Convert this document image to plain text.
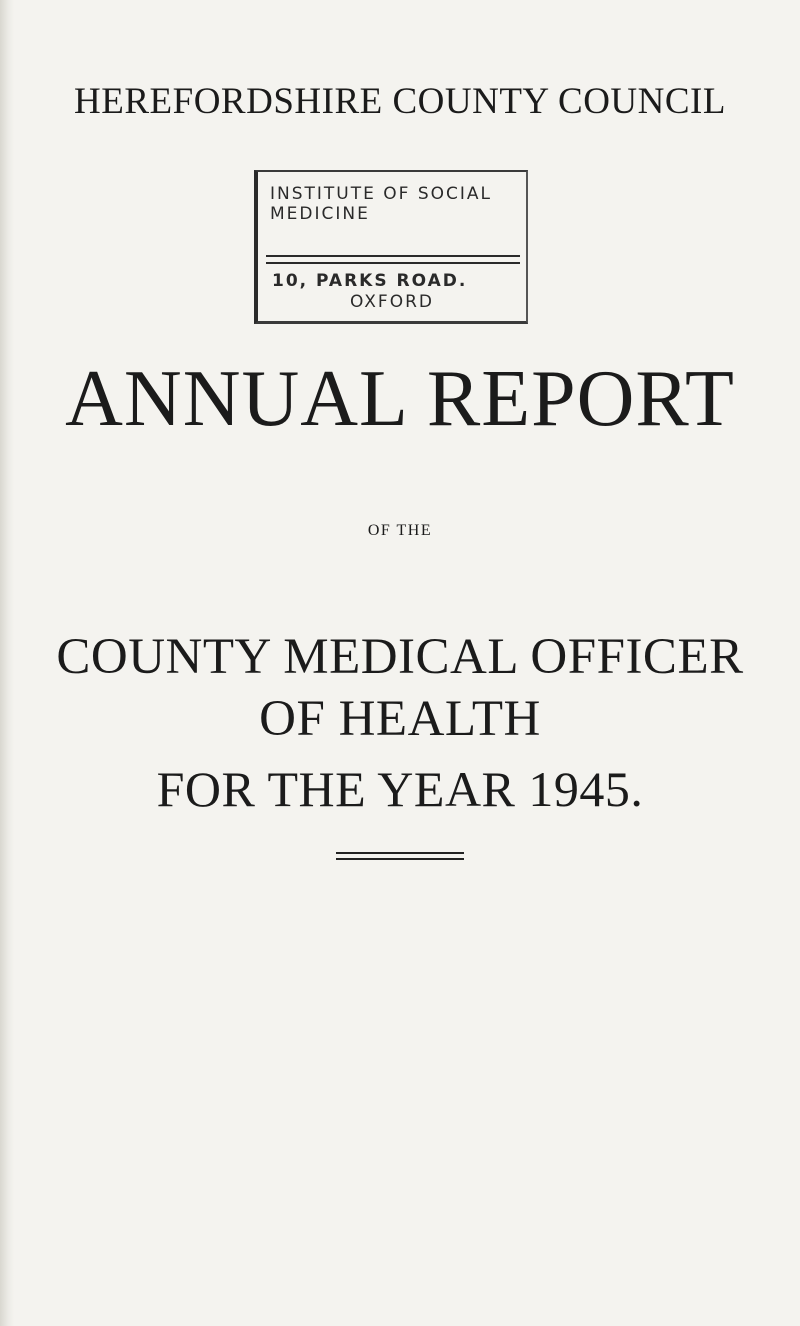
HEREFORDSHIRE COUNTY COUNCIL
INSTITUTE OF SOCIAL
MEDICINE
10, PARKS ROAD.
OXFORD
ANNUAL REPORT
OF THE
COUNTY MEDICAL OFFICER
OF HEALTH
FOR THE YEAR 1945.
